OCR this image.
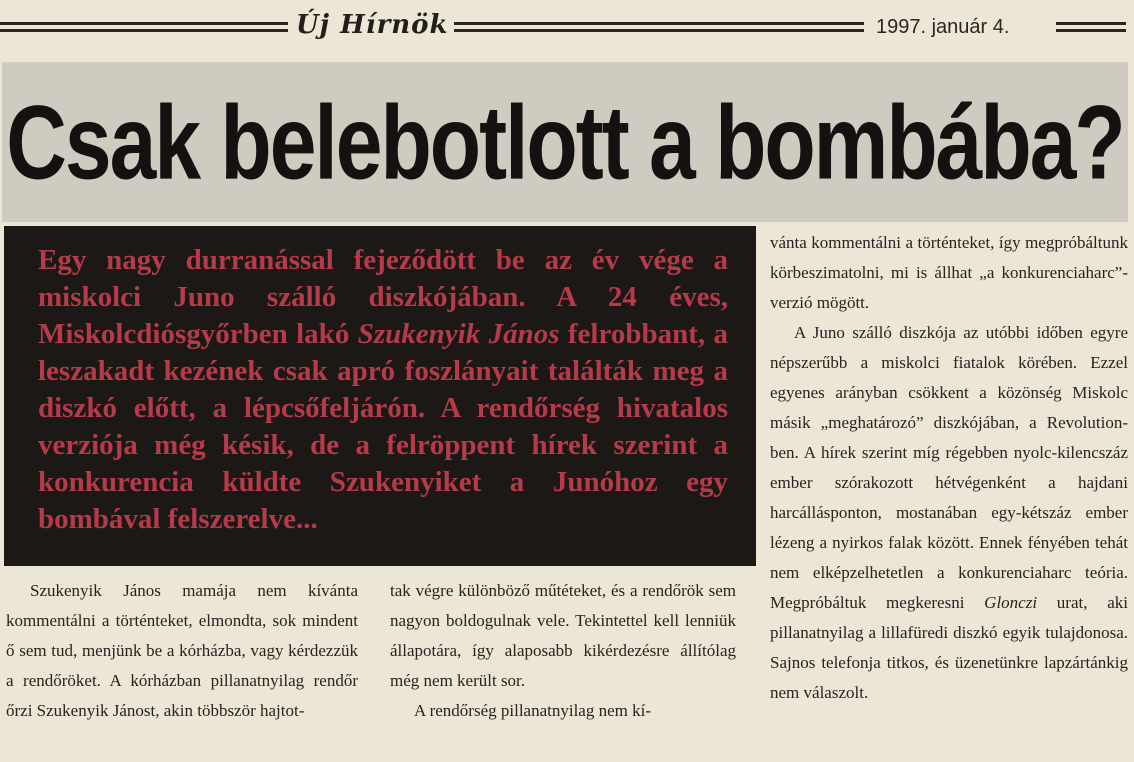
Új Hírnök	1997. január 4.
Csak belebotlott a bombába?

Egy nagy durranással fejeződött be az év vége a miskolci Juno szálló diszkójában. A 24 éves, Miskolcdiósgyőrben lakó Szukenyik János felrobbant, a leszakadt kezének csak apró foszlányait találták meg a diszkó előtt, a lépcsőfeljárón. A rendőrség hivatalos verziója még késik, de a felröppent hírek szerint a konkurencia küldte Szukenyiket a Junóhoz egy bombával felszerelve...

Szukenyik János mamája nem kívánta kommentálni a történteket, elmondta, sok mindent ő sem tud, menjünk be a kórházba, vagy kérdezzük a rendőröket. A kórházban pillanatnyilag rendőr őrzi Szukenyik Jánost, akin többször hajtot-

tak végre különböző műtéteket, és a rendőrök sem nagyon boldogulnak vele. Tekintettel kell lenniük állapotára, így alaposabb kikérdezésre állítólag még nem került sor.

A rendőrség pillanatnyilag nem kí-

vánta kommentálni a történteket, így megpróbáltunk körbeszimatolni, mi is állhat „a konkurenciaharc”-verzió mögött.

A Juno szálló diszkója az utóbbi időben egyre népszerűbb a miskolci fiatalok körében. Ezzel egyenes arányban csökkent a közönség Miskolc másik „meghatározó” diszkójában, a Revolution-ben. A hírek szerint míg régebben nyolc-kilencszáz ember szórakozott hétvégenként a hajdani harcállásponton, mostanában egy-kétszáz ember lézeng a nyirkos falak között. Ennek fényében tehát nem elképzelhetetlen a konkurenciaharc teória. Megpróbáltuk megkeresni Glonczi urat, aki pillanatnyilag a lillafüredi diszkó egyik tulajdonosa. Sajnos telefonja titkos, és üzenetünkre lapzártánkig nem válaszolt.
